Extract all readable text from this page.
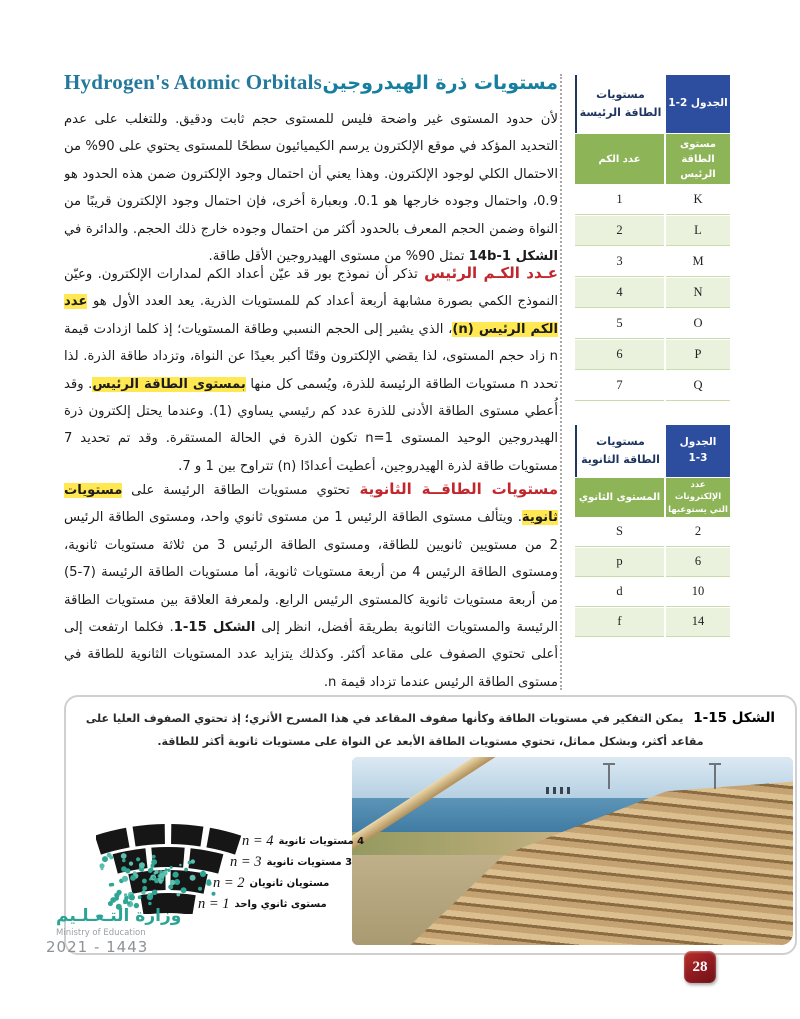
مستويات ذرة الهيدروجين
Hydrogen's Atomic Orbitals
لأن حدود المستوى غير واضحة فليس للمستوى حجم ثابت ودقيق. وللتغلب على عدم التحديد المؤكد في موقع الإلكترون يرسم الكيميائيون سطحًا للمستوى يحتوي على 90% من الاحتمال الكلي لوجود الإلكترون. وهذا يعني أن احتمال وجود الإلكترون ضمن هذه الحدود هو 0.9، واحتمال وجوده خارجها هو 0.1. وبعبارة أخرى، فإن احتمال وجود الإلكترون قريبًا من النواة وضمن الحجم المعرف بالحدود أكثر من احتمال وجوده خارج ذلك الحجم. والدائرة في الشكل 14b-1 تمثل 90% من مستوى الهيدروجين الأقل طاقة.
عـدد الكـم الرئيس تذكر أن نموذج بور قد عيّن أعداد الكم لمدارات الإلكترون. وعيّن النموذج الكمي بصورة مشابهة أربعة أعداد كم للمستويات الذرية. يعد العدد الأول هو عدد الكم الرئيس (n)، الذي يشير إلى الحجم النسبي وطاقة المستويات؛ إذ كلما ازدادت قيمة n زاد حجم المستوى، لذا يقضي الإلكترون وقتًا أكبر بعيدًا عن النواة، وتزداد طاقة الذرة. لذا تحدد n مستويات الطاقة الرئيسة للذرة، ويُسمى كل منها بمستوى الطاقة الرئيس. وقد أُعطي مستوى الطاقة الأدنى للذرة عدد كم رئيسي يساوي (1). وعندما يحتل إلكترون ذرة الهيدروجين الوحيد المستوى n=1 تكون الذرة في الحالة المستقرة. وقد تم تحديد 7 مستويات طاقة لذرة الهيدروجين، أعطيت أعدادًا (n) تتراوح بين 1 و 7.
مستويات الطاقــة الثانوية تحتوي مستويات الطاقة الرئيسة على مستويات ثانوية. ويتألف مستوى الطاقة الرئيس 1 من مستوى ثانوي واحد، ومستوى الطاقة الرئيس 2 من مستويين ثانويين للطاقة، ومستوى الطاقة الرئيس 3 من ثلاثة مستويات ثانوية، ومستوى الطاقة الرئيس 4 من أربعة مستويات ثانوية، أما مستويات الطاقة الرئيسة (7-5) من أربعة مستويات ثانوية كالمستوى الرئيس الرابع. ولمعرفة العلاقة بين مستويات الطاقة الرئيسة والمستويات الثانوية بطريقة أفضل، انظر إلى الشكل 15-1. فكلما ارتفعت إلى أعلى تحتوي الصفوف على مقاعد أكثر. وكذلك يتزايد عدد المستويات الثانوية للطاقة في مستوى الطاقة الرئيس عندما تزداد قيمة n.
الجدول 2-1	مستويات الطاقة الرئيسة
مستوى الطاقة الرئيس	عدد الكم
K	1
L	2
M	3
N	4
O	5
P	6
Q	7
الجدول
1-3	مستويات الطاقة الثانوية
عدد الإلكترونات التي يستوعبها	المستوى الثانوي
2	S
6	p
10	d
14	f
الشكل 15-1 يمكن التفكير في مستويات الطاقة وكأنها صفوف المقاعد في هذا المسرح الأثري؛ إذ تحتوي الصفوف العليا على مقاعد أكثر، وبشكل مماثل، تحتوي مستويات الطاقة الأبعد عن النواة على مستويات ثانوية أكثر للطاقة.
n = 4 4 مستويات ثانوية
n = 3 3 مستويات ثانوية
n = 2 مستويان ثانويان
n = 1 مستوى ثانوي واحد
وزارة التـعـلـيم
Ministry of Education
2021 - 1443
28
